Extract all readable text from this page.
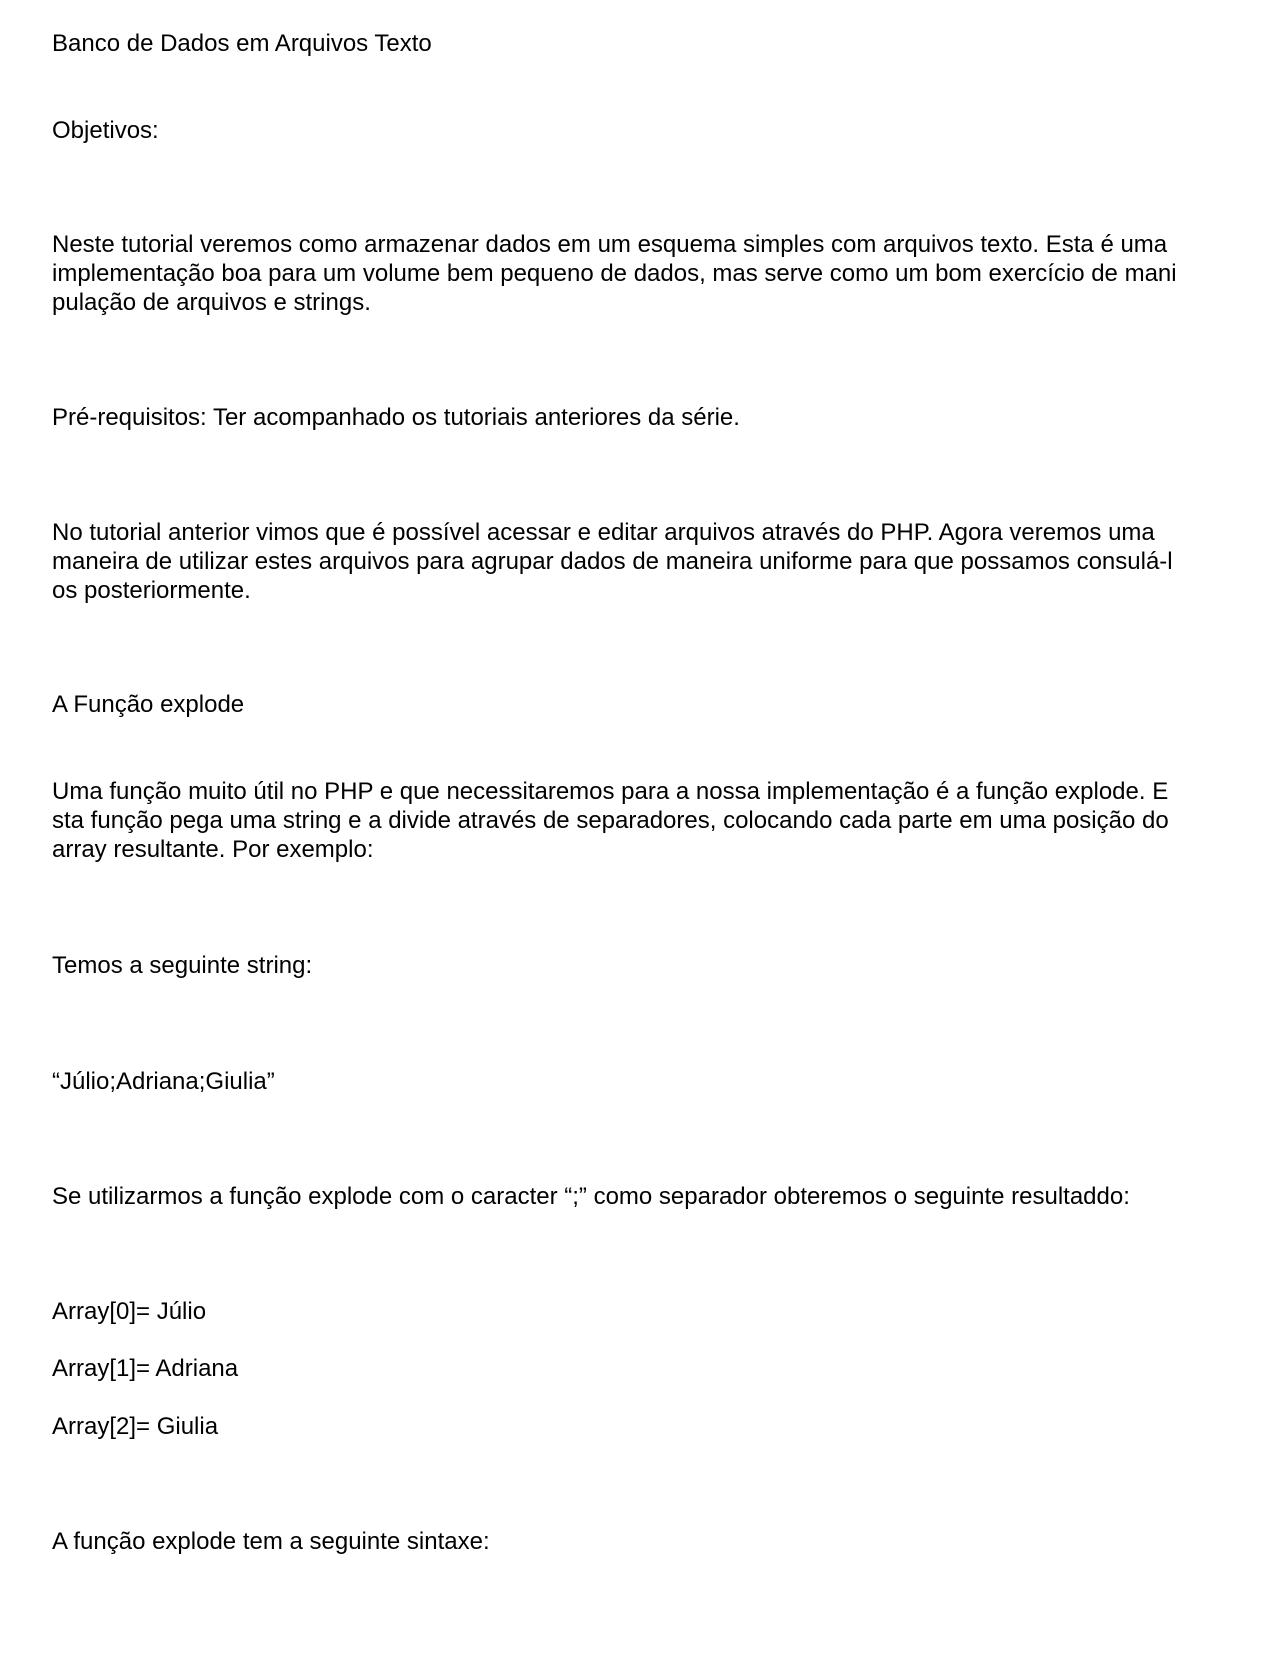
Banco de Dados em Arquivos Texto

Objetivos:

Neste tutorial veremos como armazenar dados em um esquema simples com arquivos texto. Esta é uma
implementação boa para um volume bem pequeno de dados, mas serve como um bom exercício de mani
pulação de arquivos e strings.

Pré-requisitos: Ter acompanhado os tutoriais anteriores da série.

No tutorial anterior vimos que é possível acessar e editar arquivos através do PHP. Agora veremos uma
maneira de utilizar estes arquivos para agrupar dados de maneira uniforme para que possamos consulá-l
os posteriormente.

A Função explode

Uma função muito útil no PHP e que necessitaremos para a nossa implementação é a função explode. E
sta função pega uma string e a divide através de separadores, colocando cada parte em uma posição do
array resultante. Por exemplo:

Temos a seguinte string:

“Júlio;Adriana;Giulia”

Se utilizarmos a função explode com o caracter “;” como separador obteremos o seguinte resultaddo:

Array[0]= Júlio

Array[1]= Adriana

Array[2]= Giulia

A função explode tem a seguinte sintaxe:
